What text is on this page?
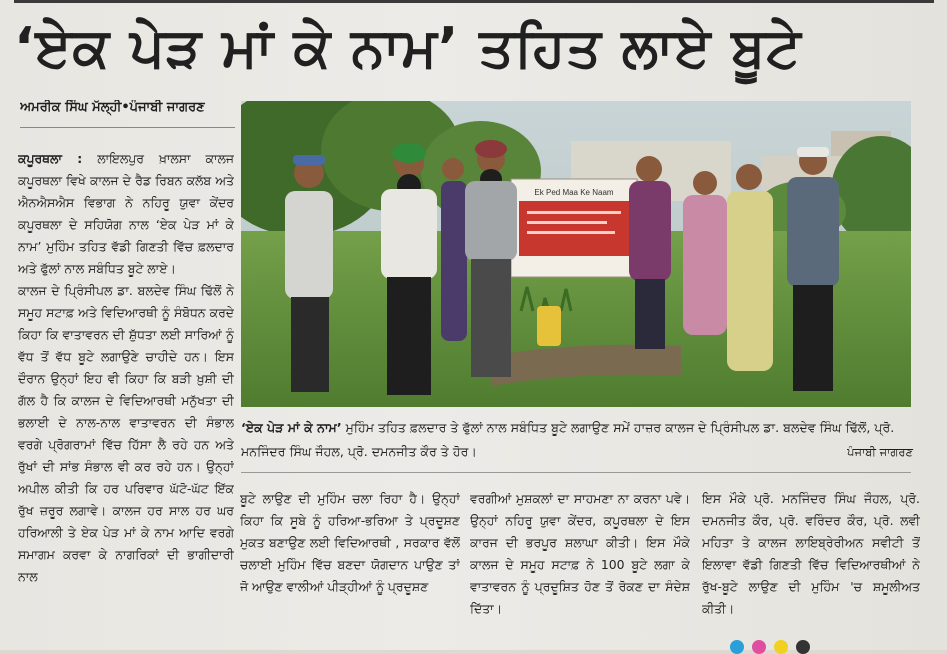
‘ਏਕ ਪੇੜ ਮਾਂ ਕੇ ਨਾਮ’ ਤਹਿਤ ਲਾਏ ਬੂਟੇ
ਅਮਰੀਕ ਸਿੰਘ ਮੱਲ੍ਹੀ•ਪੰਜਾਬੀ ਜਾਗਰਣ

ਕਪੂਰਥਲਾ : ਲਾਇਲਪੁਰ ਖ਼ਾਲਸਾ ਕਾਲਜ ਕਪੂਰਥਲਾ ਵਿਖੇ ਕਾਲਜ ਦੇ ਰੈਡ ਰਿਬਨ ਕਲੱਬ ਅਤੇ ਐਨਐਸਐਸ ਵਿਭਾਗ ਨੇ ਨਹਿਰੂ ਯੁਵਾ ਕੇਂਦਰ ਕਪੂਰਥਲਾ ਦੇ ਸਹਿਯੋਗ ਨਾਲ ‘ਏਕ ਪੇੜ ਮਾਂ ਕੇ ਨਾਮ’ ਮੁਹਿੰਮ ਤਹਿਤ ਵੱਡੀ ਗਿਣਤੀ ਵਿੱਚ ਫ਼ਲਦਾਰ ਅਤੇ ਫੁੱਲਾਂ ਨਾਲ ਸਬੰਧਿਤ ਬੂਟੇ ਲਾਏ।

ਕਾਲਜ ਦੇ ਪ੍ਰਿੰਸੀਪਲ ਡਾ. ਬਲਦੇਵ ਸਿੰਘ ਢਿੱਲੋਂ ਨੇ ਸਮੂਹ ਸਟਾਫ਼ ਅਤੇ ਵਿਦਿਆਰਥੀ ਨੂੰ ਸੰਬੋਧਨ ਕਰਦੇ ਕਿਹਾ ਕਿ ਵਾਤਾਵਰਨ ਦੀ ਸ਼ੁੱਧਤਾ ਲਈ ਸਾਰਿਆਂ ਨੂੰ ਵੱਧ ਤੋਂ ਵੱਧ ਬੂਟੇ ਲਗਾਉਣੇ ਚਾਹੀਦੇ ਹਨ। ਇਸ ਦੌਰਾਨ ਉਨ੍ਹਾਂ ਇਹ ਵੀ ਕਿਹਾ ਕਿ ਬੜੀ ਖ਼ੁਸ਼ੀ ਦੀ ਗੱਲ ਹੈ ਕਿ ਕਾਲਜ ਦੇ ਵਿਦਿਆਰਥੀ ਮਨੁੱਖਤਾ ਦੀ ਭਲਾਈ ਦੇ ਨਾਲ-ਨਾਲ ਵਾਤਾਵਰਨ ਦੀ ਸੰਭਾਲ ਵਰਗੇ ਪ੍ਰੋਗਰਾਮਾਂ ਵਿੱਚ ਹਿੱਸਾ ਲੈ ਰਹੇ ਹਨ ਅਤੇ ਰੁੱਖਾਂ ਦੀ ਸਾਂਭ ਸੰਭਾਲ ਵੀ ਕਰ ਰਹੇ ਹਨ। ਉਨ੍ਹਾਂ ਅਪੀਲ ਕੀਤੀ ਕਿ ਹਰ ਪਰਿਵਾਰ ਘੱਟੋ-ਘੱਟ ਇੱਕ ਰੁੱਖ ਜ਼ਰੂਰ ਲਗਾਵੇ। ਕਾਲਜ ਹਰ ਸਾਲ ਹਰ ਘਰ ਹਰਿਆਲੀ ਤੇ ਏਕ ਪੇੜ ਮਾਂ ਕੇ ਨਾਮ ਆਦਿ ਵਰਗੇ ਸਮਾਗਮ ਕਰਵਾ ਕੇ ਨਾਗਰਿਕਾਂ ਦੀ ਭਾਗੀਦਾਰੀ ਨਾਲ

Ek Ped Maa Ke Naam
‘ਏਕ ਪੇੜ ਮਾਂ ਕੇ ਨਾਮ’ ਮੁਹਿੰਮ ਤਹਿਤ ਫ਼ਲਦਾਰ ਤੇ ਫੁੱਲਾਂ ਨਾਲ ਸਬੰਧਿਤ ਬੂਟੇ ਲਗਾਉਣ ਸਮੇਂ ਹਾਜ਼ਰ ਕਾਲਜ ਦੇ ਪ੍ਰਿੰਸੀਪਲ ਡਾ. ਬਲਦੇਵ ਸਿੰਘ ਢਿੱਲੋਂ, ਪ੍ਰੋ. ਮਨਜਿੰਦਰ ਸਿੰਘ ਜੌਹਲ, ਪ੍ਰੋ. ਦਮਨਜੀਤ ਕੌਰ ਤੇ ਹੋਰ।	ਪੰਜਾਬੀ ਜਾਗਰਣ
ਬੂਟੇ ਲਾਉਣ ਦੀ ਮੁਹਿੰਮ ਚਲਾ ਰਿਹਾ ਹੈ। ਉਨ੍ਹਾਂ ਕਿਹਾ ਕਿ ਸੂਬੇ ਨੂੰ ਹਰਿਆ-ਭਰਿਆ ਤੇ ਪ੍ਰਦੂਸ਼ਣ ਮੁਕਤ ਬਣਾਉਣ ਲਈ ਵਿਦਿਆਰਥੀ , ਸਰਕਾਰ ਵੱਲੋਂ ਚਲਾਈ ਮੁਹਿੰਮ ਵਿੱਚ ਬਣਦਾ ਯੋਗਦਾਨ ਪਾਉਣ ਤਾਂ ਜੋ ਆਉਣ ਵਾਲੀਆਂ ਪੀੜ੍ਹੀਆਂ ਨੂੰ ਪ੍ਰਦੂਸ਼ਣ
ਵਰਗੀਆਂ ਮੁਸ਼ਕਲਾਂ ਦਾ ਸਾਹਮਣਾ ਨਾ ਕਰਨਾ ਪਵੇ। ਉਨ੍ਹਾਂ ਨਹਿਰੂ ਯੁਵਾ ਕੇਂਦਰ, ਕਪੂਰਥਲਾ ਦੇ ਇਸ ਕਾਰਜ ਦੀ ਭਰਪੂਰ ਸ਼ਲਾਘਾ ਕੀਤੀ। ਇਸ ਮੌਕੇ ਕਾਲਜ ਦੇ ਸਮੂਹ ਸਟਾਫ਼ ਨੇ 100 ਬੂਟੇ ਲਗਾ ਕੇ ਵਾਤਾਵਰਨ ਨੂੰ ਪ੍ਰਦੂਸ਼ਿਤ ਹੋਣ ਤੋਂ ਰੋਕਣ ਦਾ ਸੰਦੇਸ਼ ਦਿੱਤਾ।
ਇਸ ਮੌਕੇ ਪ੍ਰੋ. ਮਨਜਿੰਦਰ ਸਿੰਘ ਜੌਹਲ, ਪ੍ਰੋ. ਦਮਨਜੀਤ ਕੌਰ, ਪ੍ਰੋ. ਵਰਿੰਦਰ ਕੌਰ, ਪ੍ਰੋ. ਲਵੀ ਮਹਿਤਾ ਤੇ ਕਾਲਜ ਲਾਇਬ੍ਰੇਰੀਅਨ ਸਵੀਟੀ ਤੋਂ ਇਲਾਵਾ ਵੱਡੀ ਗਿਣਤੀ ਵਿੱਚ ਵਿਦਿਆਰਥੀਆਂ ਨੇ ਰੁੱਖ-ਬੂਟੇ ਲਾਉਣ ਦੀ ਮੁਹਿੰਮ 'ਚ ਸ਼ਮੂਲੀਅਤ ਕੀਤੀ।
